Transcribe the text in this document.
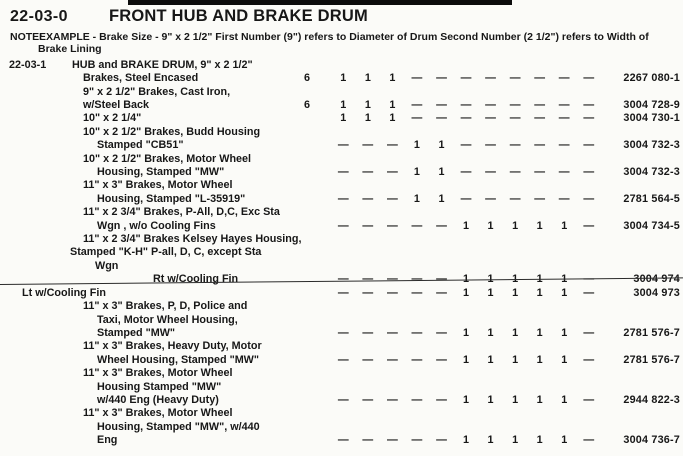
22-03-0 FRONT HUB AND BRAKE DRUM
NOTE:
EXAMPLE - Brake Size - 9" x 2 1/2" First Number (9") refers to Diameter of Drum Second Number (2 1/2") refers to Width of
Brake Lining
22-03-1 HUB and BRAKE DRUM, 9" x 2 1/2"
Brakes, Steel Encased	6	1	1	1	—	—	—	—	—	—	—	—	2267 080-1
9" x 2 1/2" Brakes, Cast Iron,
w/Steel Back	6	1	1	1	—	—	—	—	—	—	—	—	3004 728-9
10" x 2 1/4"	1	1	1	—	—	—	—	—	—	—	—	3004 730-1
10" x 2 1/2" Brakes, Budd Housing
Stamped "CB51"	—	—	—	1	1	—	—	—	—	—	—	3004 732-3
10" x 2 1/2" Brakes, Motor Wheel
Housing, Stamped "MW"	—	—	—	1	1	—	—	—	—	—	—	3004 732-3
11" x 3" Brakes, Motor Wheel
Housing, Stamped "L-35919"	—	—	—	1	1	—	—	—	—	—	—	2781 564-5
11" x 2 3/4" Brakes, P-All, D,C, Exc Sta
Wgn , w/o Cooling Fins	—	—	—	—	—	1	1	1	1	1	—	3004 734-5
11" x 2 3/4" Brakes Kelsey Hayes Housing,
Stamped "K-H" P-all, D, C, except Sta
Wgn
Rt w/Cooling Fin	—	—	—	—	—	1	1	1	1	1	—	3004 974
Lt w/Cooling Fin	—	—	—	—	—	1	1	1	1	1	—	3004 973
11" x 3" Brakes, P, D, Police and
Taxi, Motor Wheel Housing,
Stamped "MW"	—	—	—	—	—	1	1	1	1	1	—	2781 576-7
11" x 3" Brakes, Heavy Duty, Motor
Wheel Housing, Stamped "MW"	—	—	—	—	—	1	1	1	1	1	—	2781 576-7
11" x 3" Brakes, Motor Wheel
Housing Stamped "MW"
w/440 Eng (Heavy Duty)	—	—	—	—	—	1	1	1	1	1	—	2944 822-3
11" x 3" Brakes, Motor Wheel
Housing, Stamped "MW", w/440
Eng	—	—	—	—	—	1	1	1	1	1	—	3004 736-7
